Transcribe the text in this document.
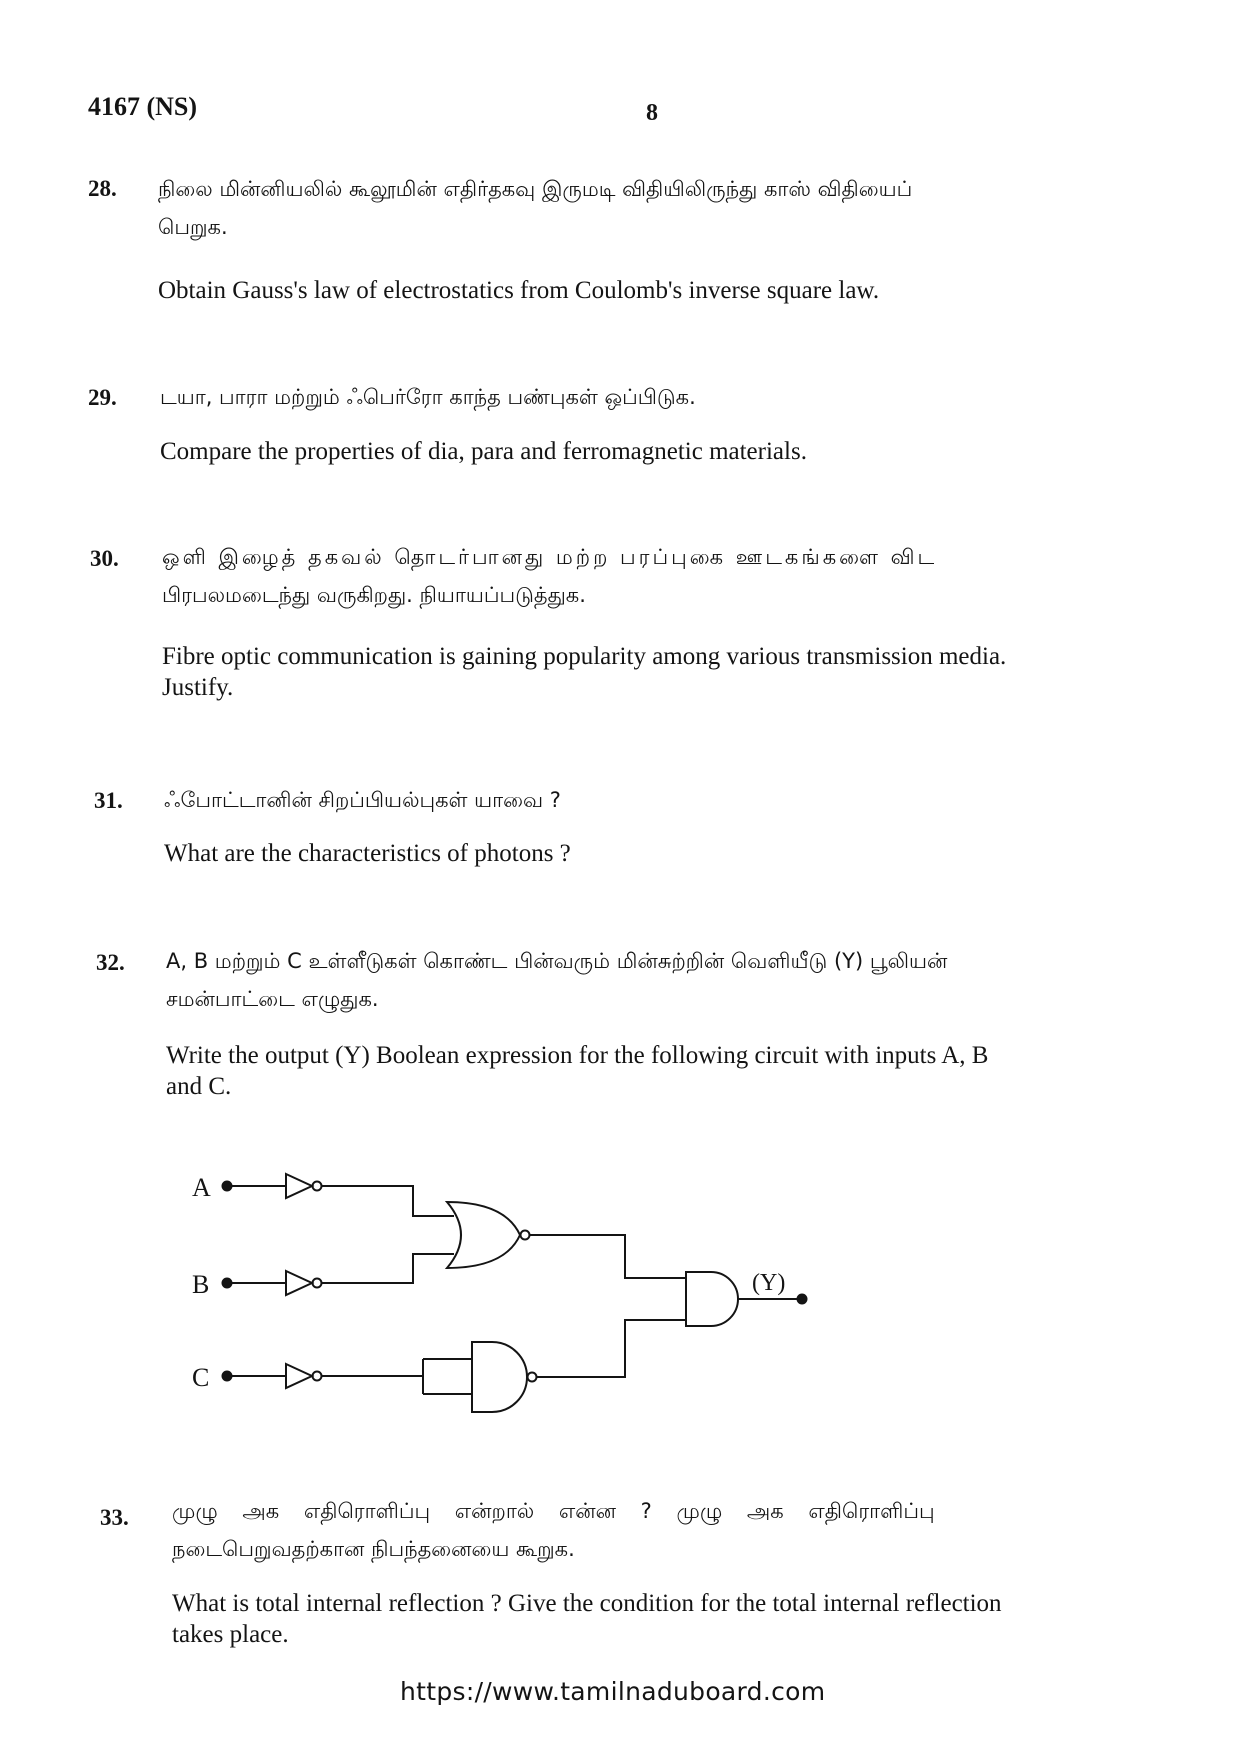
4167 (NS)	8
28. நிலை மின்னியலில் கூலூமின் எதிர்தகவு இருமடி விதியிலிருந்து காஸ் விதியைப்
பெறுக.
Obtain Gauss's law of electrostatics from Coulomb's inverse square law.
29. டயா, பாரா மற்றும் ஃபெர்ரோ காந்த பண்புகள் ஒப்பிடுக.
Compare the properties of dia, para and ferromagnetic materials.
30. ஒளி இழைத் தகவல் தொடர்பானது மற்ற பரப்புகை ஊடகங்களை விட
பிரபலமடைந்து வருகிறது. நியாயப்படுத்துக.
Fibre optic communication is gaining popularity among various transmission media.
Justify.
31. ஃபோட்டானின் சிறப்பியல்புகள் யாவை ?
What are the characteristics of photons ?
32. A, B மற்றும் C உள்ளீடுகள் கொண்ட பின்வரும் மின்சுற்றின் வெளியீடு (Y) பூலியன்
சமன்பாட்டை எழுதுக.
Write the output (Y) Boolean expression for the following circuit with inputs A, B
and C.
A
B
C
(Y)
33. முழு அக எதிரொளிப்பு என்றால் என்ன ? முழு அக எதிரொளிப்பு
நடைபெறுவதற்கான நிபந்தனையை கூறுக.
What is total internal reflection ? Give the condition for the total internal reflection
takes place.
https://www.tamilnaduboard.com
